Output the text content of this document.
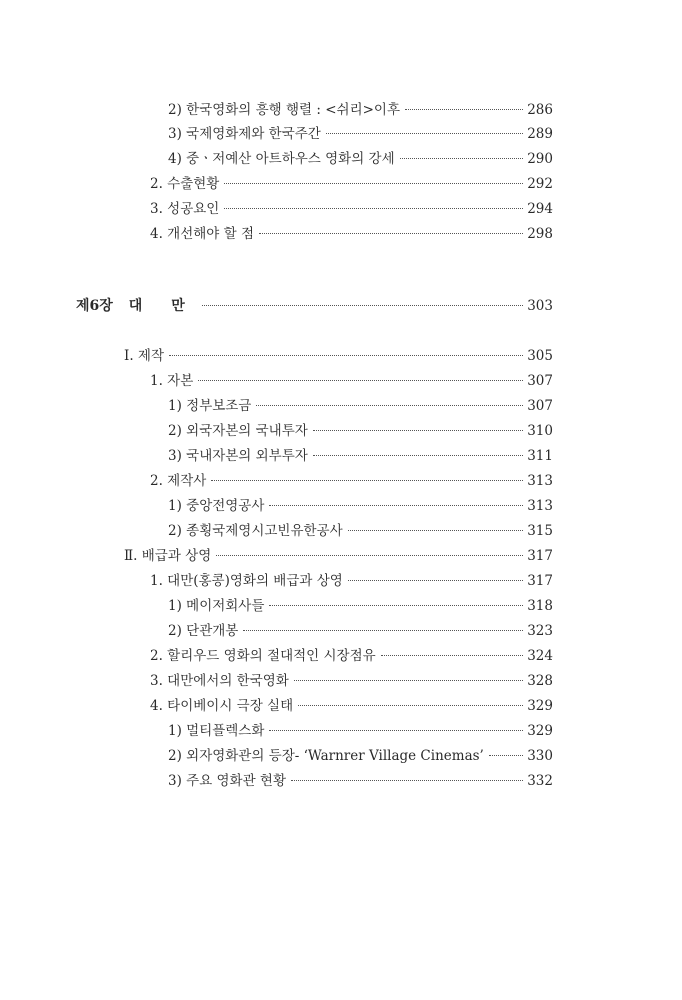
2) 한국영화의 흥행 행렬 : <쉬리>이후	286
3) 국제영화제와 한국주간	289
4) 중ㆍ저예산 아트하우스 영화의 강세	290
2. 수출현황	292
3. 성공요인	294
4. 개선해야 할 점	298
제6장 대 만	303
Ⅰ. 제작	305
1. 자본	307
1) 정부보조금	307
2) 외국자본의 국내투자	310
3) 국내자본의 외부투자	311
2. 제작사	313
1) 중앙전영공사	313
2) 종횡국제영시고빈유한공사	315
Ⅱ. 배급과 상영	317
1. 대만(홍콩)영화의 배급과 상영	317
1) 메이저회사들	318
2) 단관개봉	323
2. 할리우드 영화의 절대적인 시장점유	324
3. 대만에서의 한국영화	328
4. 타이베이시 극장 실태	329
1) 멀티플렉스화	329
2) 외자영화관의 등장- ‘Warnrer Village Cinemas’	330
3) 주요 영화관 현황	332
